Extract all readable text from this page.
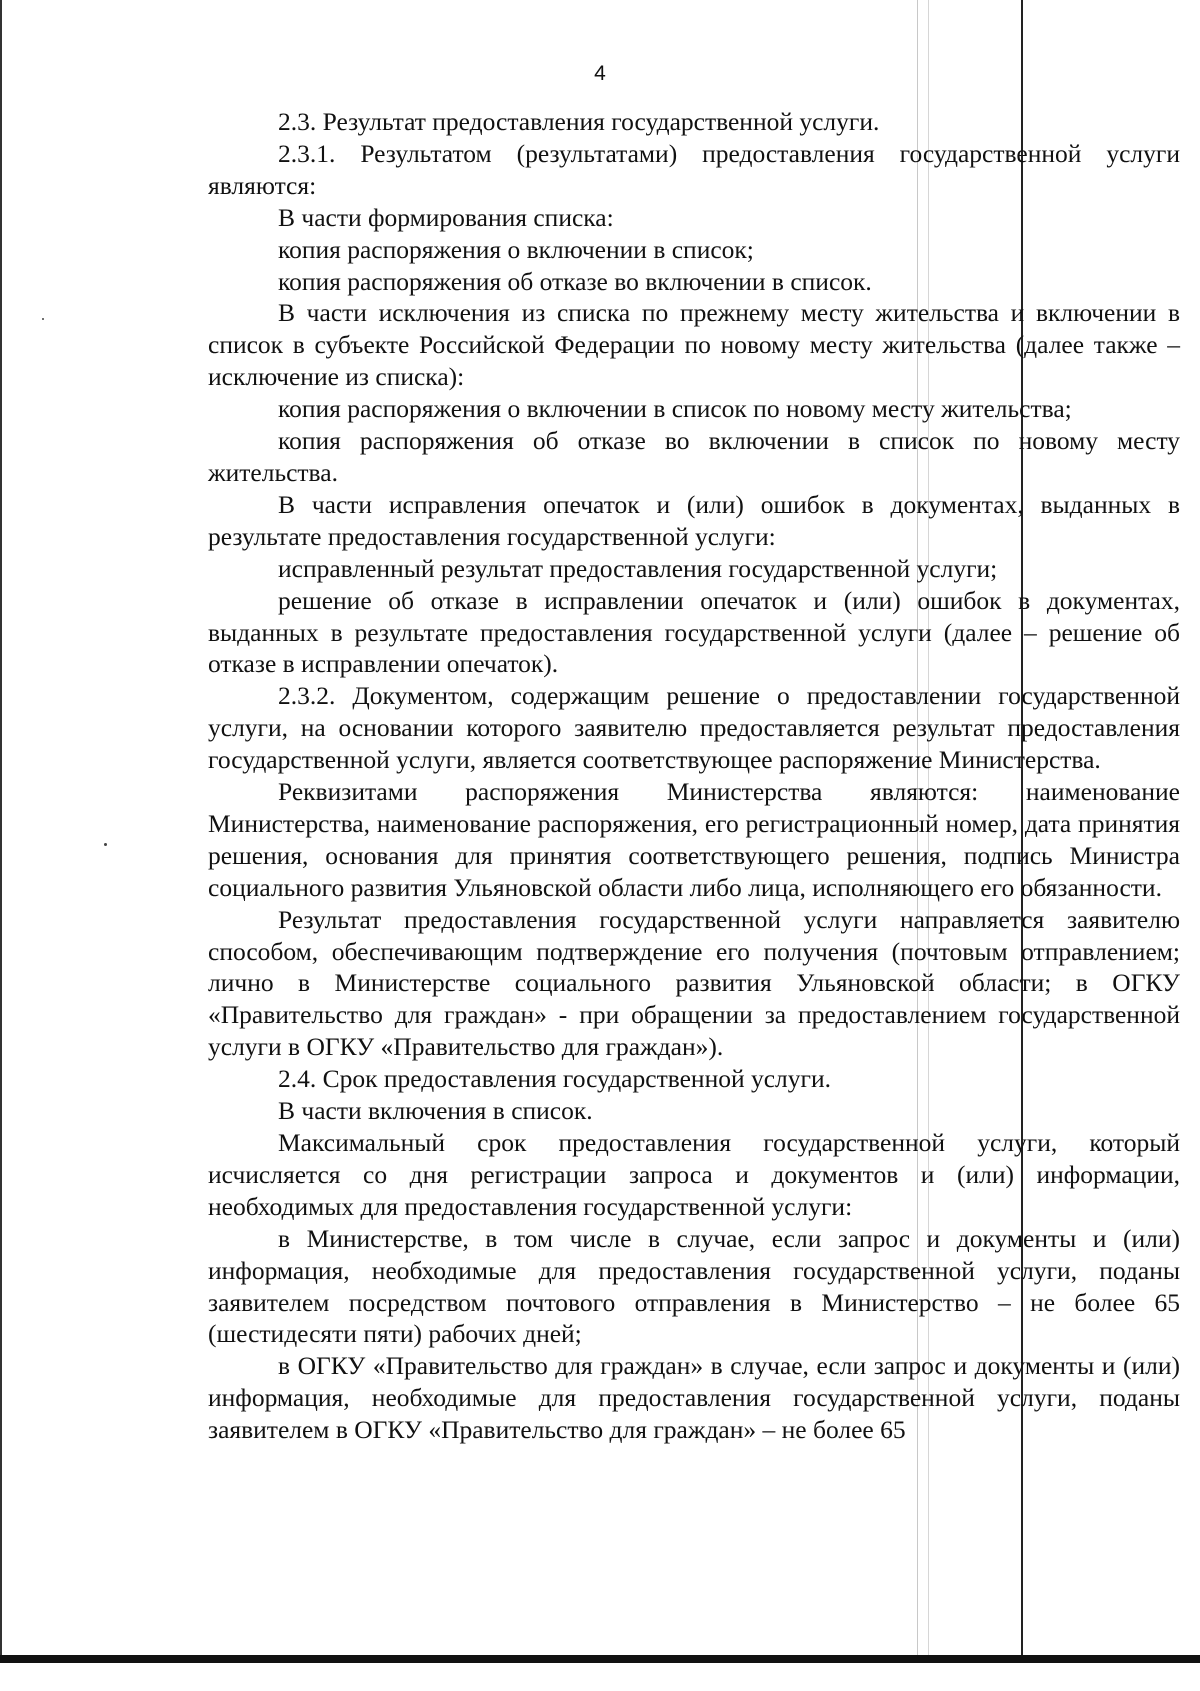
4

2.3. Результат предоставления государственной услуги.

2.3.1. Результатом (результатами) предоставления государственной услуги являются:

В части формирования списка:

копия распоряжения о включении в список;

копия распоряжения об отказе во включении в список.

В части исключения из списка по прежнему месту жительства и включении в список в субъекте Российской Федерации по новому месту жительства (далее также – исключение из списка):

копия распоряжения о включении в список по новому месту жительства;

копия распоряжения об отказе во включении в список по новому месту жительства.

В части исправления опечаток и (или) ошибок в документах, выданных в результате предоставления государственной услуги:

исправленный результат предоставления государственной услуги;

решение об отказе в исправлении опечаток и (или) ошибок в документах, выданных в результате предоставления государственной услуги (далее – решение об отказе в исправлении опечаток).

2.3.2. Документом, содержащим решение о предоставлении государственной услуги, на основании которого заявителю предоставляется результат предоставления государственной услуги, является соответствующее распоряжение Министерства.

Реквизитами распоряжения Министерства являются: наименование Министерства, наименование распоряжения, его регистрационный номер, дата принятия решения, основания для принятия соответствующего решения, подпись Министра социального развития Ульяновской области либо лица, исполняющего его обязанности.

Результат предоставления государственной услуги направляется заявителю способом, обеспечивающим подтверждение его получения (почтовым отправлением; лично в Министерстве социального развития Ульяновской области; в ОГКУ «Правительство для граждан» - при обращении за предоставлением государственной услуги в ОГКУ «Правительство для граждан»).

2.4. Срок предоставления государственной услуги.

В части включения в список.

Максимальный срок предоставления государственной услуги, который исчисляется со дня регистрации запроса и документов и (или) информации, необходимых для предоставления государственной услуги:

в Министерстве, в том числе в случае, если запрос и документы и (или) информация, необходимые для предоставления государственной услуги, поданы заявителем посредством почтового отправления в Министерство – не более 65 (шестидесяти пяти) рабочих дней;

в ОГКУ «Правительство для граждан» в случае, если запрос и документы и (или) информация, необходимые для предоставления государственной услуги, поданы заявителем в ОГКУ «Правительство для граждан» – не более 65
